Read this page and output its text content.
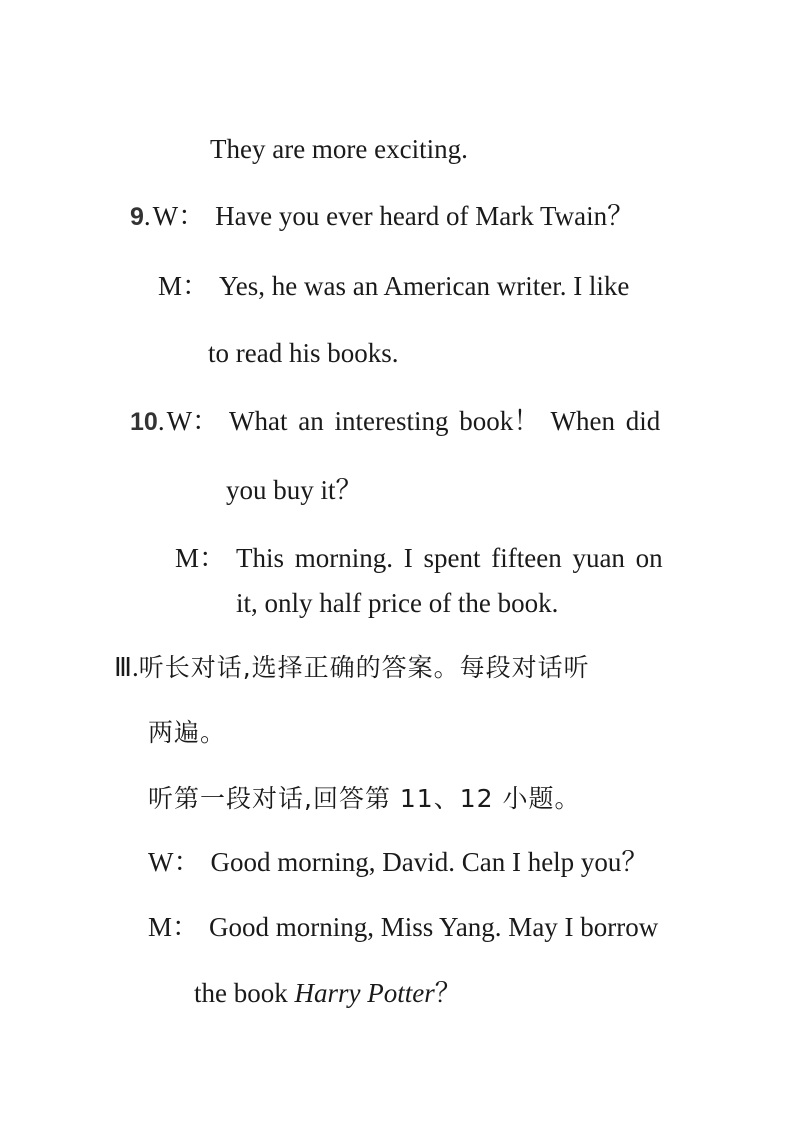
They are more exciting.
9.W： Have you ever heard of Mark Twain？
M： Yes, he was an American writer. I like
to read his books.
10.W： What an interesting book！ When did
you buy it？
M： This morning. I spent fifteen yuan on
it, only half price of the book.
Ⅲ.听长对话,选择正确的答案。每段对话听
两遍。
听第一段对话,回答第 11、12 小题。
W： Good morning, David. Can I help you？
M： Good morning, Miss Yang. May I borrow
the book Harry Potter？
